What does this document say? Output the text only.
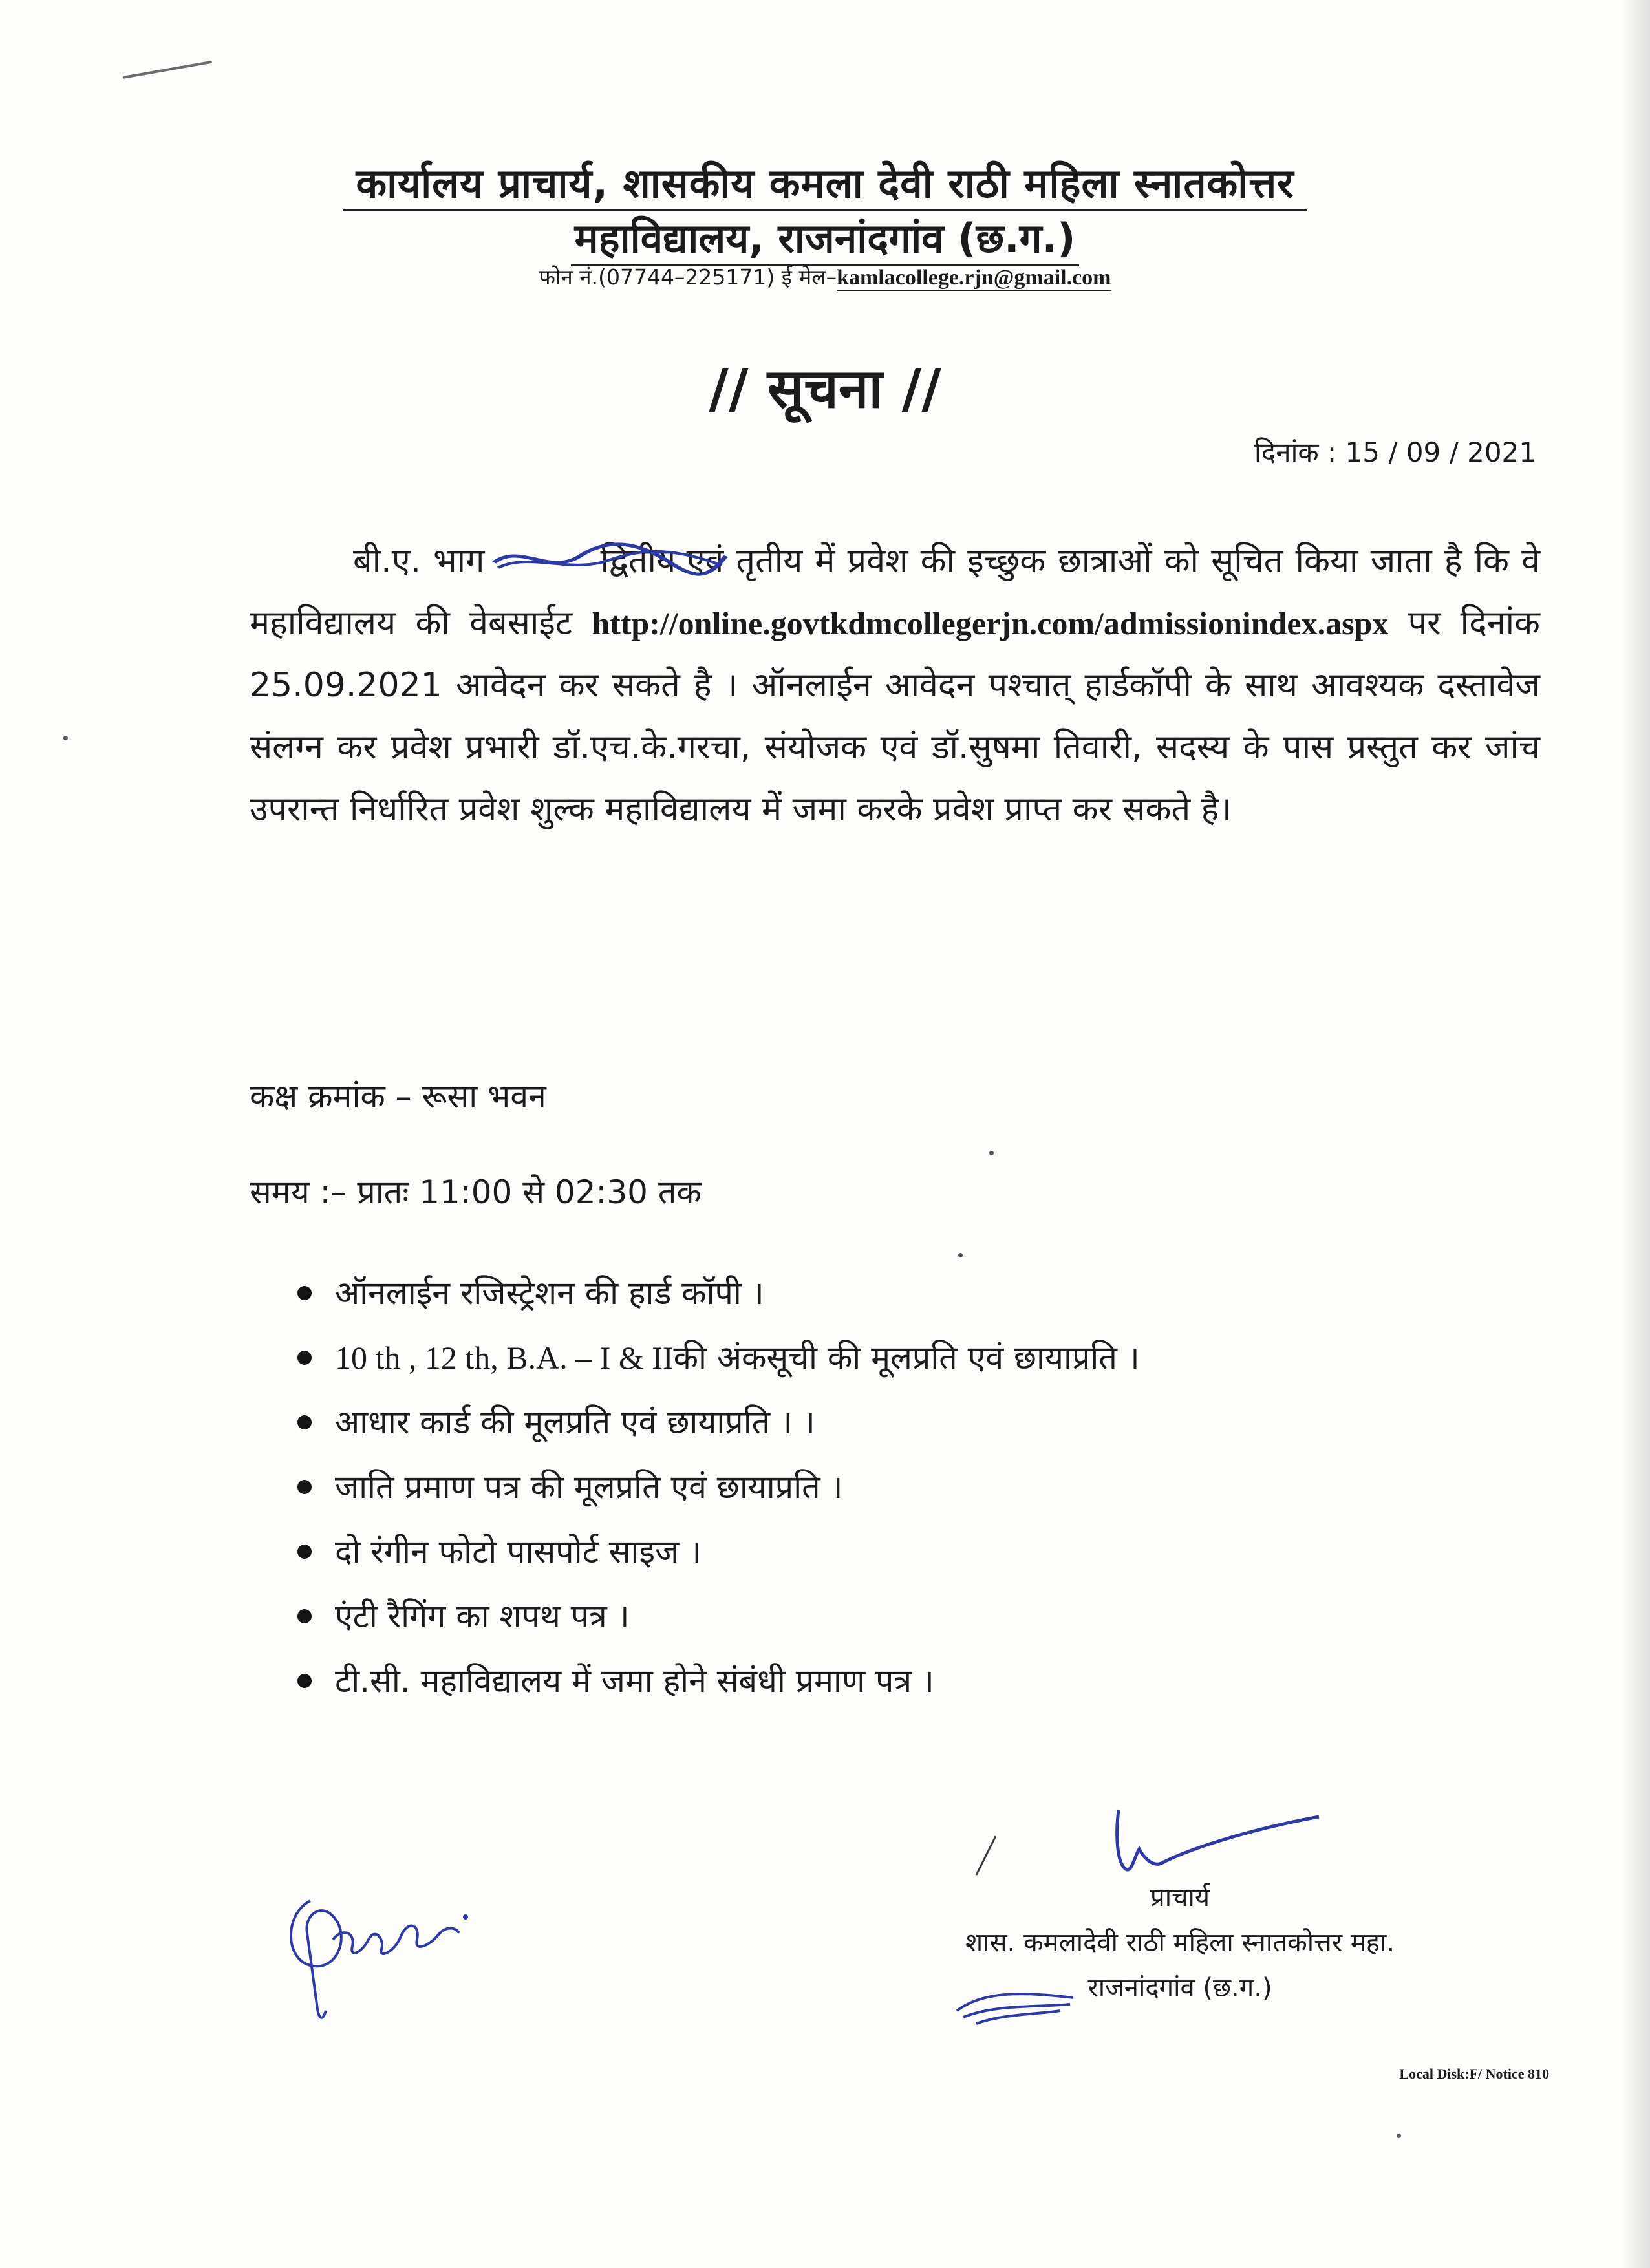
कार्यालय प्राचार्य, शासकीय कमला देवी राठी महिला स्नातकोत्तर
महाविद्यालय, राजनांदगांव (छ.ग.)
फोन नं.(07744–225171) ई मेल–kamlacollege.rjn@gmail.com
// सूचना //
दिनांक : 15 / 09 / 2021

बी.ए. भाग	द्वितीय एवं
तृतीय में प्रवेश की इच्छुक छात्राओं को सूचित किया जाता है कि वे महाविद्यालय की वेबसाईट http://online.govtkdmcollegerjn.com/admissionindex.aspx पर दिनांक 25.09.2021 आवेदन कर सकते है । ऑनलाईन आवेदन पश्चात् हार्डकॉपी के साथ आवश्यक दस्तावेज संलग्न कर प्रवेश प्रभारी डॉ.एच.के.गरचा, संयोजक एवं डॉ.सुषमा तिवारी, सदस्य के पास प्रस्तुत कर जांच उपरान्त निर्धारित प्रवेश शुल्क महाविद्यालय में जमा करके प्रवेश प्राप्त कर सकते है।

कक्ष क्रमांक – रूसा भवन
समय :– प्रातः 11:00 से 02:30 तक
ऑनलाईन रजिस्ट्रेशन की हार्ड कॉपी ।
10 th , 12 th, B.A. – I & II की अंकसूची की मूलप्रति एवं छायाप्रति ।
आधार कार्ड की मूलप्रति एवं छायाप्रति । ।
जाति प्रमाण पत्र की मूलप्रति एवं छायाप्रति ।
दो रंगीन फोटो पासपोर्ट साइज ।
एंटी रैगिंग का शपथ पत्र ।
टी.सी. महाविद्यालय में जमा होने संबंधी प्रमाण पत्र ।
प्राचार्य
शास. कमलादेवी राठी महिला स्नातकोत्तर महा.
राजनांदगांव (छ.ग.)
Local Disk:F/ Notice 810
